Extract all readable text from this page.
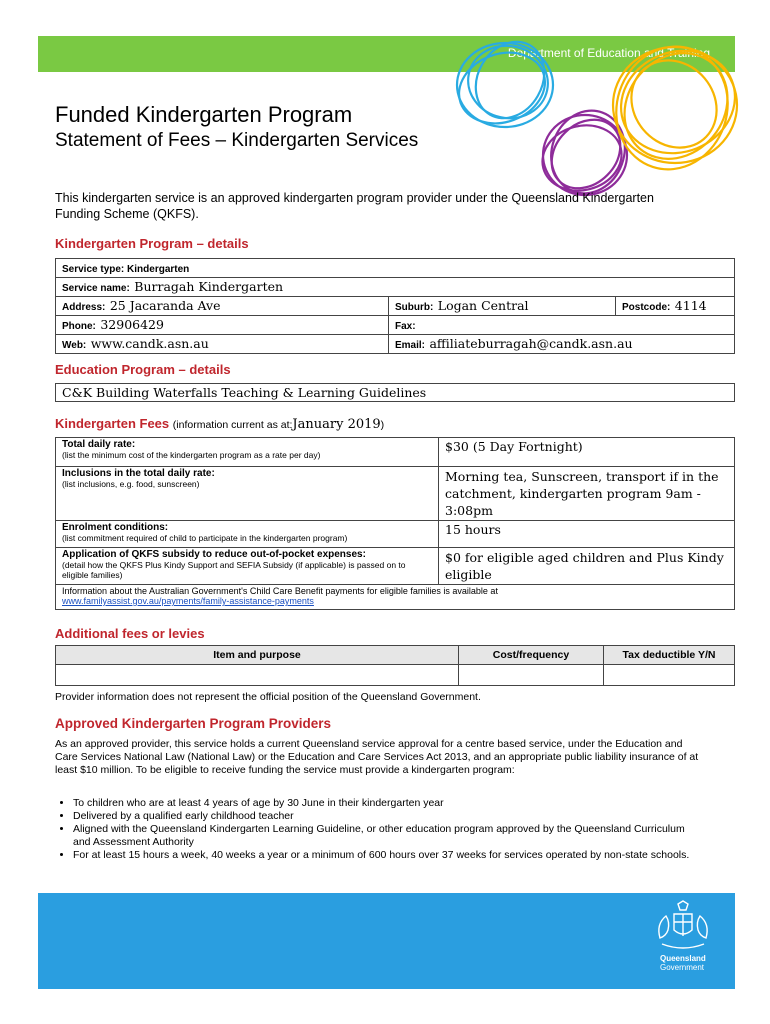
Department of Education and Training
Funded Kindergarten Program
Statement of Fees – Kindergarten Services
This kindergarten service is an approved kindergarten program provider under the Queensland Kindergarten Funding Scheme (QKFS).
Kindergarten Program – details
Service type: Kindergarten		
Service name: Burragah Kindergarten		
Address: 25 Jacaranda Ave	Suburb: Logan Central	Postcode: 4114
Phone: 32906429	Fax:	
Web: www.candk.asn.au	Email: affiliateburragah@candk.asn.au	
Education Program – details
C&K Building Waterfalls Teaching & Learning Guidelines
Kindergarten Fees (information current as at:January 2019)
Total daily rate:
(list the minimum cost of the kindergarten program as a rate per day)	$30 (5 Day Fortnight)

Inclusions in the total daily rate:
(list inclusions, e.g. food, sunscreen)	Morning tea, Sunscreen, transport if in the catchment, kindergarten program 9am - 3:08pm

Enrolment conditions:
(list commitment required of child to participate in the kindergarten program)	15 hours

Application of QKFS subsidy to reduce out-of-pocket expenses:
(detail how the QKFS Plus Kindy Support and SEFIA Subsidy (if applicable) is passed on to eligible families)	$0 for eligible aged children and Plus Kindy eligible

Information about the Australian Government's Child Care Benefit payments for eligible families is available at
www.familyassist.gov.au/payments/family-assistance-payments	
Additional fees or levies
Item and purpose	Cost/frequency	Tax deductible Y/N

Provider information does not represent the official position of the Queensland Government.
Approved Kindergarten Program Providers
As an approved provider, this service holds a current Queensland service approval for a centre based service, under the Education and Care Services National Law (National Law) or the Education and Care Services Act 2013, and an appropriate public liability insurance of at least $10 million. To be eligible to receive funding the service must provide a kindergarten program:
• To children who are at least 4 years of age by 30 June in their kindergarten year
• Delivered by a qualified early childhood teacher
• Aligned with the Queensland Kindergarten Learning Guideline, or other education program approved by the Queensland Curriculum and Assessment Authority
• For at least 15 hours a week, 40 weeks a year or a minimum of 600 hours over 37 weeks for services operated by non-state schools.
Queensland
Government
